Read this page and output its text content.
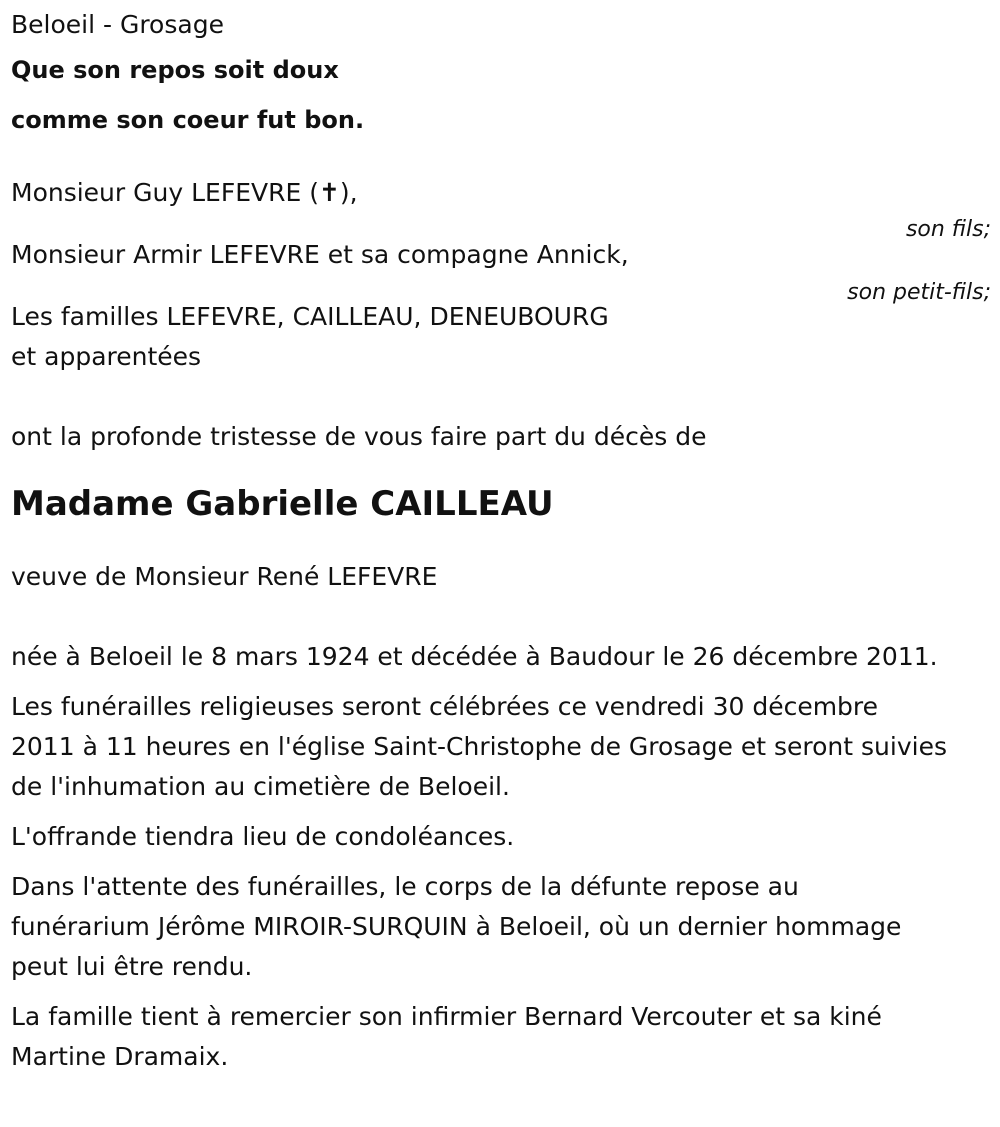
Beloeil - Grosage
Que son repos soit doux
comme son coeur fut bon.
Monsieur Guy LEFEVRE (✝),
Monsieur Armir LEFEVRE et sa compagne Annick,
Les familles LEFEVRE, CAILLEAU, DENEUBOURG
et apparentées
ont la profonde tristesse de vous faire part du décès de
Madame Gabrielle CAILLEAU
veuve de Monsieur René LEFEVRE
née à Beloeil le 8 mars 1924 et décédée à Baudour le 26 décembre 2011.
Les funérailles religieuses seront célébrées ce vendredi 30 décembre
2011 à 11 heures en l'église Saint-Christophe de Grosage et seront suivies
de l'inhumation au cimetière de Beloeil.
L'offrande tiendra lieu de condoléances.
Dans l'attente des funérailles, le corps de la défunte repose au
funérarium Jérôme MIROIR-SURQUIN à Beloeil, où un dernier hommage
peut lui être rendu.
La famille tient à remercier son infirmier Bernard Vercouter et sa kiné
Martine Dramaix.
son fils;
son petit-fils;
